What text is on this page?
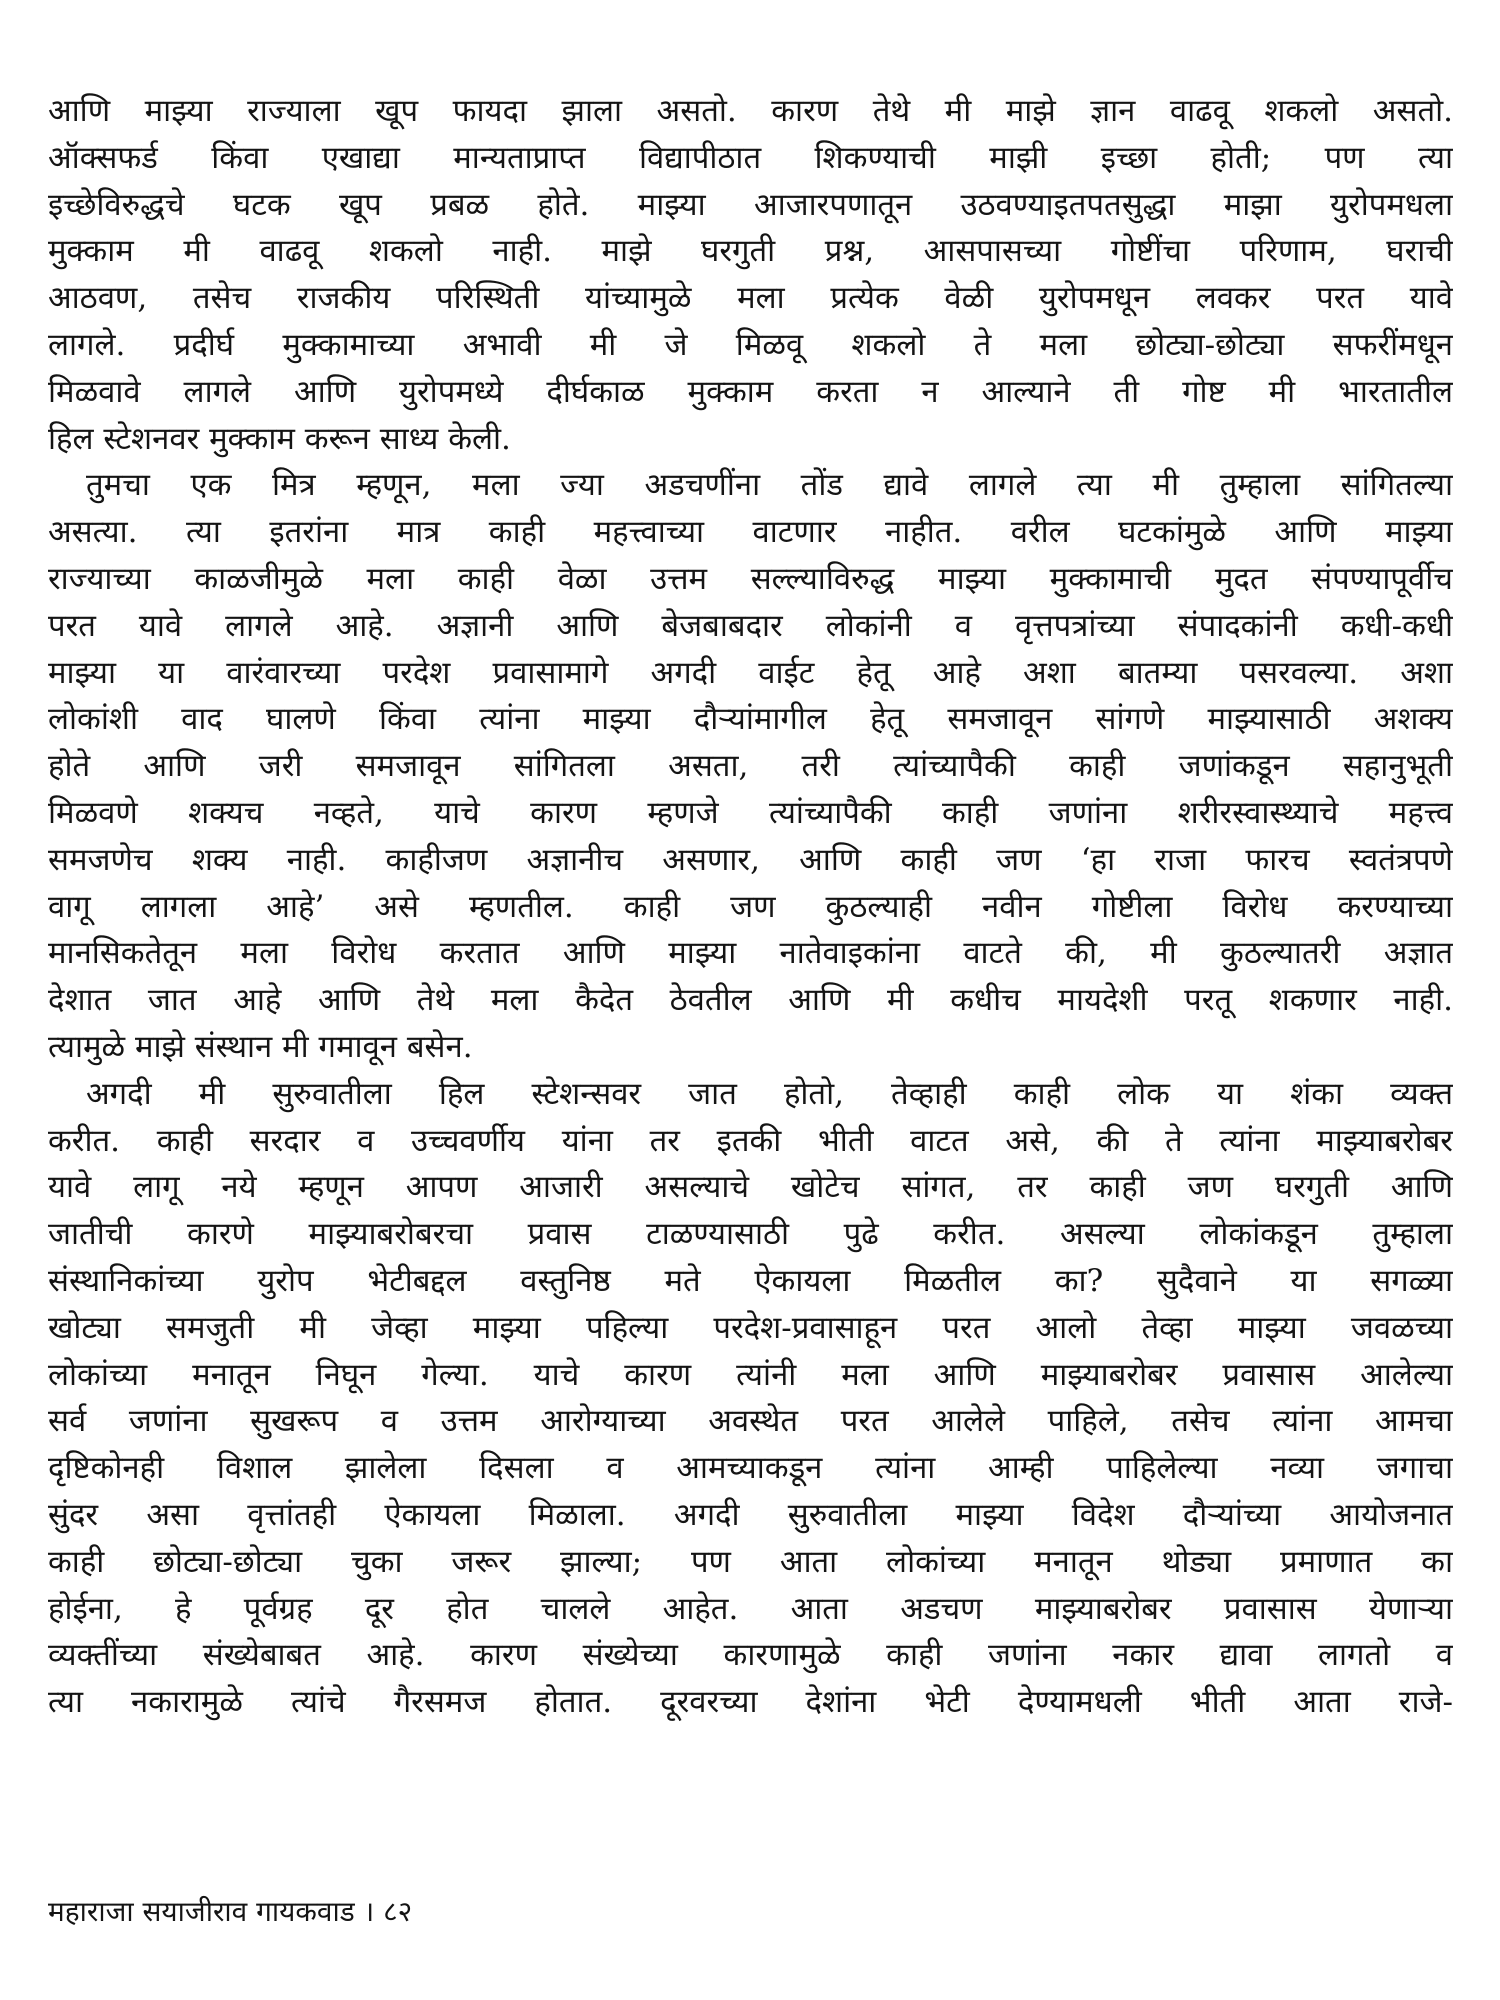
आणि माझ्या राज्याला खूप फायदा झाला असतो. कारण तेथे मी माझे ज्ञान वाढवू शकलो असतो.
ऑक्सफर्ड किंवा एखाद्या मान्यताप्राप्त विद्यापीठात शिकण्याची माझी इच्छा होती; पण त्या
इच्छेविरुद्धचे घटक खूप प्रबळ होते. माझ्या आजारपणातून उठवण्याइतपतसुद्धा माझा युरोपमधला
मुक्काम मी वाढवू शकलो नाही. माझे घरगुती प्रश्न, आसपासच्या गोष्टींचा परिणाम, घराची
आठवण, तसेच राजकीय परिस्थिती यांच्यामुळे मला प्रत्येक वेळी युरोपमधून लवकर परत यावे
लागले. प्रदीर्घ मुक्कामाच्या अभावी मी जे मिळवू शकलो ते मला छोट्या-छोट्या सफरींमधून
मिळवावे लागले आणि युरोपमध्ये दीर्घकाळ मुक्काम करता न आल्याने ती गोष्ट मी भारतातील
हिल स्टेशनवर मुक्काम करून साध्य केली.
तुमचा एक मित्र म्हणून, मला ज्या अडचणींना तोंड द्यावे लागले त्या मी तुम्हाला सांगितल्या
असत्या. त्या इतरांना मात्र काही महत्त्वाच्या वाटणार नाहीत. वरील घटकांमुळे आणि माझ्या
राज्याच्या काळजीमुळे मला काही वेळा उत्तम सल्ल्याविरुद्ध माझ्या मुक्कामाची मुदत संपण्यापूर्वीच
परत यावे लागले आहे. अज्ञानी आणि बेजबाबदार लोकांनी व वृत्तपत्रांच्या संपादकांनी कधी-कधी
माझ्या या वारंवारच्या परदेश प्रवासामागे अगदी वाईट हेतू आहे अशा बातम्या पसरवल्या. अशा
लोकांशी वाद घालणे किंवा त्यांना माझ्या दौऱ्यांमागील हेतू समजावून सांगणे माझ्यासाठी अशक्य
होते आणि जरी समजावून सांगितला असता, तरी त्यांच्यापैकी काही जणांकडून सहानुभूती
मिळवणे शक्यच नव्हते, याचे कारण म्हणजे त्यांच्यापैकी काही जणांना शरीरस्वास्थ्याचे महत्त्व
समजणेच शक्य नाही. काहीजण अज्ञानीच असणार, आणि काही जण ‘हा राजा फारच स्वतंत्रपणे
वागू लागला आहे’ असे म्हणतील. काही जण कुठल्याही नवीन गोष्टीला विरोध करण्याच्या
मानसिकतेतून मला विरोध करतात आणि माझ्या नातेवाइकांना वाटते की, मी कुठल्यातरी अज्ञात
देशात जात आहे आणि तेथे मला कैदेत ठेवतील आणि मी कधीच मायदेशी परतू शकणार नाही.
त्यामुळे माझे संस्थान मी गमावून बसेन.
अगदी मी सुरुवातीला हिल स्टेशन्सवर जात होतो, तेव्हाही काही लोक या शंका व्यक्त
करीत. काही सरदार व उच्चवर्णीय यांना तर इतकी भीती वाटत असे, की ते त्यांना माझ्याबरोबर
यावे लागू नये म्हणून आपण आजारी असल्याचे खोटेच सांगत, तर काही जण घरगुती आणि
जातीची कारणे माझ्याबरोबरचा प्रवास टाळण्यासाठी पुढे करीत. असल्या लोकांकडून तुम्हाला
संस्थानिकांच्या युरोप भेटीबद्दल वस्तुनिष्ठ मते ऐकायला मिळतील का? सुदैवाने या सगळ्या
खोट्या समजुती मी जेव्हा माझ्या पहिल्या परदेश-प्रवासाहून परत आलो तेव्हा माझ्या जवळच्या
लोकांच्या मनातून निघून गेल्या. याचे कारण त्यांनी मला आणि माझ्याबरोबर प्रवासास आलेल्या
सर्व जणांना सुखरूप व उत्तम आरोग्याच्या अवस्थेत परत आलेले पाहिले, तसेच त्यांना आमचा
दृष्टिकोनही विशाल झालेला दिसला व आमच्याकडून त्यांना आम्ही पाहिलेल्या नव्या जगाचा
सुंदर असा वृत्तांतही ऐकायला मिळाला. अगदी सुरुवातीला माझ्या विदेश दौऱ्यांच्या आयोजनात
काही छोट्या-छोट्या चुका जरूर झाल्या; पण आता लोकांच्या मनातून थोड्या प्रमाणात का
होईना, हे पूर्वग्रह दूर होत चालले आहेत. आता अडचण माझ्याबरोबर प्रवासास येणाऱ्या
व्यक्तींच्या संख्येबाबत आहे. कारण संख्येच्या कारणामुळे काही जणांना नकार द्यावा लागतो व
त्या नकारामुळे त्यांचे गैरसमज होतात. दूरवरच्या देशांना भेटी देण्यामधली भीती आता राजे-
महाराजा सयाजीराव गायकवाड । ८२
